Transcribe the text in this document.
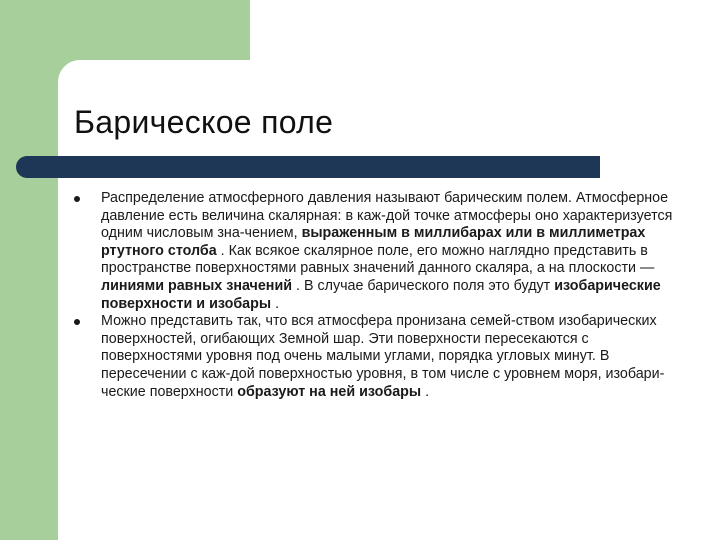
Барическое поле
Распределение атмосферного давления называют барическим полем. Атмосферное давление есть величина скалярная: в каж-дой точке атмосферы оно характеризуется одним числовым зна-чением, выраженным в миллибарах или в миллиметрах ртутного столба . Как всякое скалярное поле, его можно наглядно представить в пространстве поверхностями равных значений данного скаляра, а на плоскости — линиями равных значений . В случае барического поля это будут изобарические поверхности и изобары .
Можно представить так, что вся атмосфера пронизана семей-ством изобарических поверхностей, огибающих Земной шар. Эти поверхности пересекаются с поверхностями уровня под очень малыми углами, порядка угловых минут. В пересечении с каж-дой поверхностью уровня, в том числе с уровнем моря, изобари-ческие поверхности образуют на ней изобары .
